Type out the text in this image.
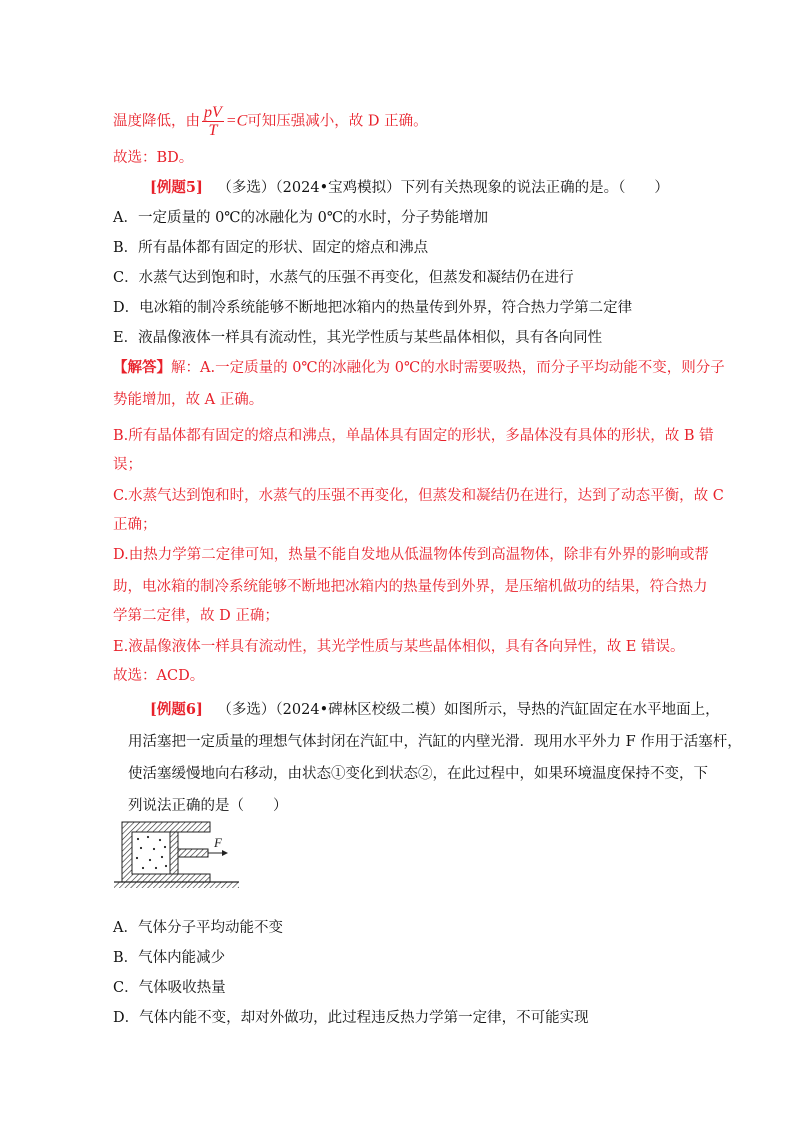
温度降低，由 $\frac{pV}{T} =C$可知压强减小，故 D 正确。
故选：BD。
[例题5] （多选）（2024•宝鸡模拟）下列有关热现象的说法正确的是。（　　）
A．一定质量的 0℃的冰融化为 0℃的水时，分子势能增加
B．所有晶体都有固定的形状、固定的熔点和沸点
C．水蒸气达到饱和时，水蒸气的压强不再变化，但蒸发和凝结仍在进行
D．电冰箱的制冷系统能够不断地把冰箱内的热量传到外界，符合热力学第二定律
E．液晶像液体一样具有流动性，其光学性质与某些晶体相似，具有各向同性
【解答】解：A.一定质量的 0℃的冰融化为 0℃的水时需要吸热，而分子平均动能不变，则分子
势能增加，故 A 正确。
B.所有晶体都有固定的熔点和沸点，单晶体具有固定的形状，多晶体没有具体的形状，故 B 错
误；
C.水蒸气达到饱和时，水蒸气的压强不再变化，但蒸发和凝结仍在进行，达到了动态平衡，故 C
正确；
D.由热力学第二定律可知，热量不能自发地从低温物体传到高温物体，除非有外界的影响或帮
助，电冰箱的制冷系统能够不断地把冰箱内的热量传到外界，是压缩机做功的结果，符合热力
学第二定律，故 D 正确；
E.液晶像液体一样具有流动性，其光学性质与某些晶体相似，具有各向异性，故 E 错误。
故选：ACD。
[例题6] （多选）（2024•碑林区校级二模）如图所示，导热的汽缸固定在水平地面上，
用活塞把一定质量的理想气体封闭在汽缸中，汽缸的内壁光滑．现用水平外力 F 作用于活塞杆，
使活塞缓慢地向右移动，由状态①变化到状态②，在此过程中，如果环境温度保持不变，下
列说法正确的是（　　）
F
A．气体分子平均动能不变
B．气体内能减少
C．气体吸收热量
D．气体内能不变，却对外做功，此过程违反热力学第一定律，不可能实现
